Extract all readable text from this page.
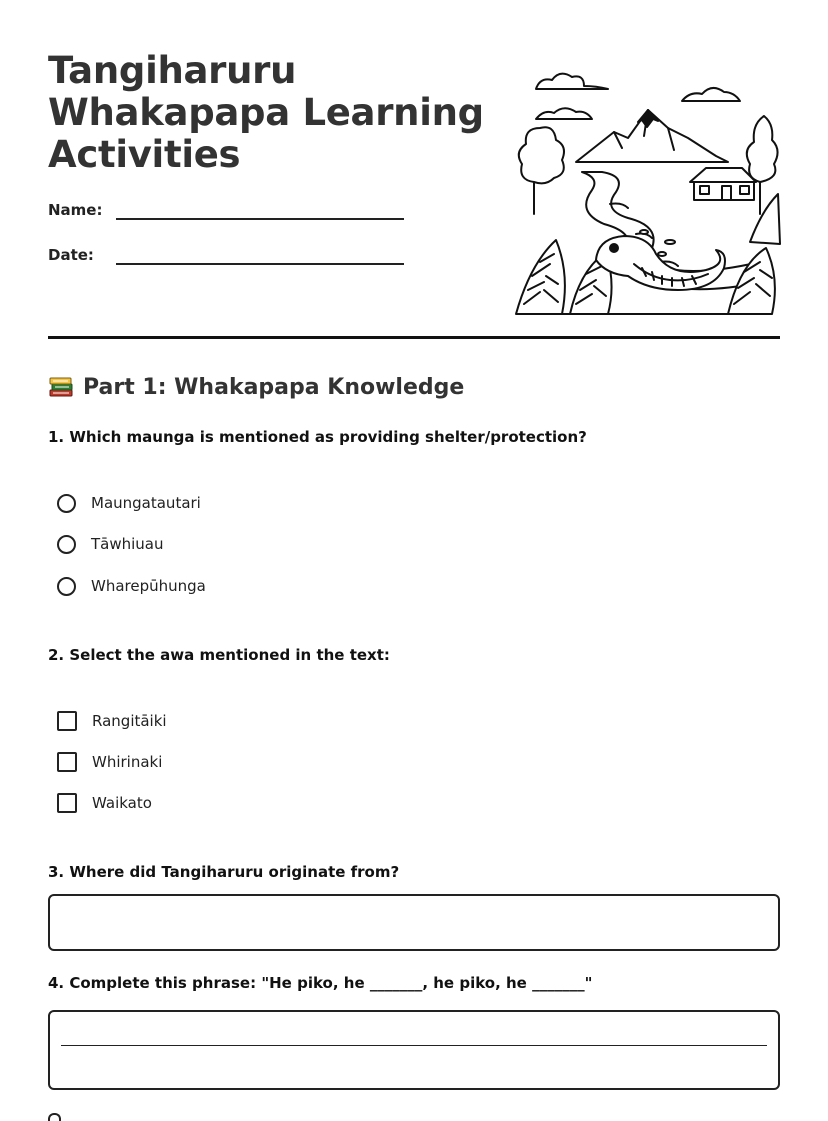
Tangiharuru
Whakapapa Learning
Activities
Name:
Date:
Part 1: Whakapapa Knowledge
1. Which maunga is mentioned as providing shelter/protection?
Maungatautari
Tāwhiuau
Wharepūhunga
2. Select the awa mentioned in the text:
Rangitāiki
Whirinaki
Waikato
3. Where did Tangiharuru originate from?
4. Complete this phrase: "He piko, he _______, he piko, he _______"
